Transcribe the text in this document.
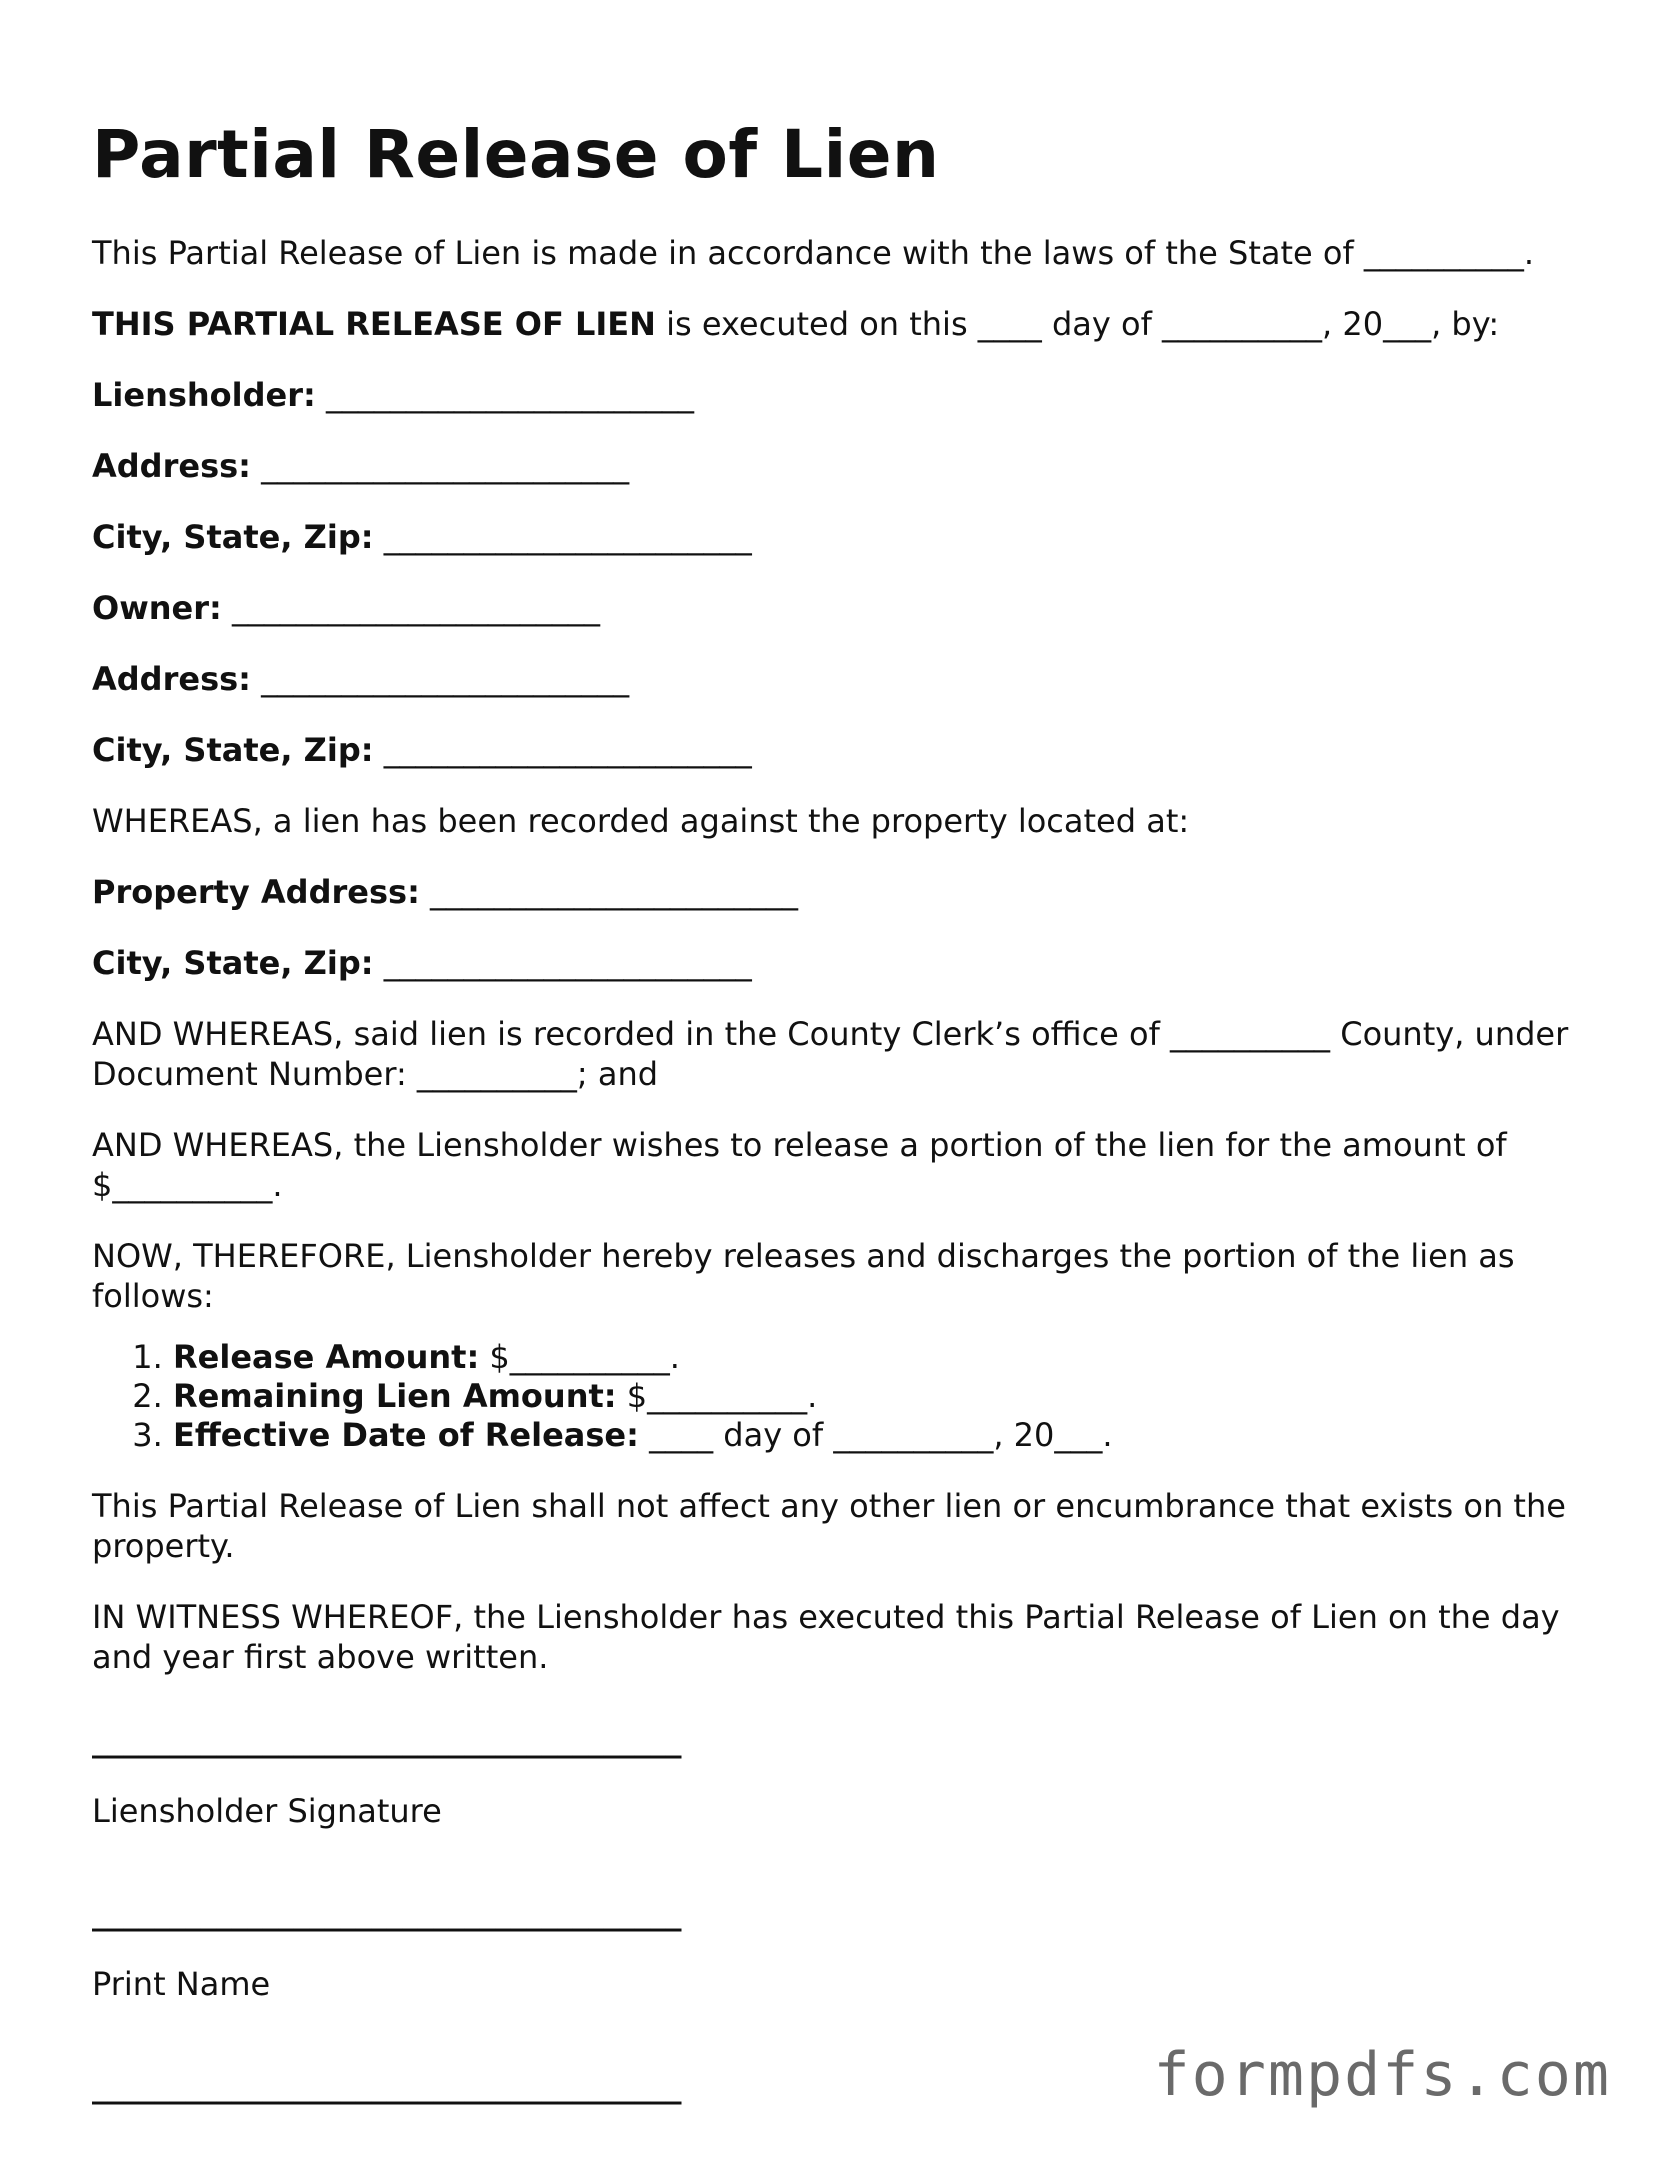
Partial Release of Lien

This Partial Release of Lien is made in accordance with the laws of the State of __________.

THIS PARTIAL RELEASE OF LIEN is executed on this ____ day of __________, 20___, by:

Liensholder: _______________________

Address: _______________________

City, State, Zip: _______________________

Owner: _______________________

Address: _______________________

City, State, Zip: _______________________

WHEREAS, a lien has been recorded against the property located at:

Property Address: _______________________

City, State, Zip: _______________________

AND WHEREAS, said lien is recorded in the County Clerk’s office of __________ County, under Document Number: __________; and

AND WHEREAS, the Liensholder wishes to release a portion of the lien for the amount of $__________.

NOW, THEREFORE, Liensholder hereby releases and discharges the portion of the lien as follows:

1. Release Amount: $__________.
2. Remaining Lien Amount: $__________.
3. Effective Date of Release: ____ day of __________, 20___.

This Partial Release of Lien shall not affect any other lien or encumbrance that exists on the property.

IN WITNESS WHEREOF, the Liensholder has executed this Partial Release of Lien on the day and year first above written.

______________________________________
Liensholder Signature
______________________________________
Print Name
______________________________________	formpdfs.com
